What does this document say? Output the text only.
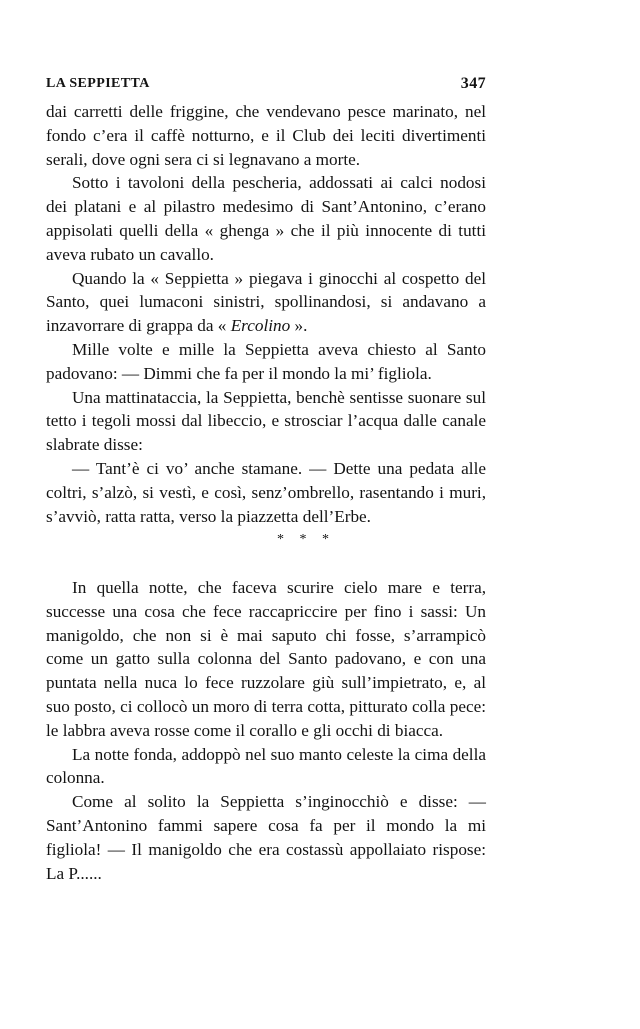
LA SEPPIETTA	347

dai carretti delle friggine, che vendevano pesce marinato, nel fondo c’era il caffè notturno, e il Club dei leciti divertimenti serali, dove ogni sera ci si legnavano a morte.

Sotto i tavoloni della pescheria, addossati ai calci nodosi dei platani e al pilastro medesimo di Sant’Antonino, c’erano appisolati quelli della « ghenga » che il più innocente di tutti aveva rubato un cavallo.

Quando la « Seppietta » piegava i ginocchi al cospetto del Santo, quei lumaconi sinistri, spollinandosi, si andavano a inzavorrare di grappa da « Ercolino ».

Mille volte e mille la Seppietta aveva chiesto al Santo padovano: — Dimmi che fa per il mondo la mi’ figliola.

Una mattinataccia, la Seppietta, benchè sentisse suonare sul tetto i tegoli mossi dal libeccio, e strosciar l’acqua dalle canale slabrate disse:

— Tant’è ci vo’ anche stamane. — Dette una pedata alle coltri, s’alzò, si vestì, e così, senz’ombrello, rasentando i muri, s’avviò, ratta ratta, verso la piazzetta dell’Erbe.

* * *

In quella notte, che faceva scurire cielo mare e terra, successe una cosa che fece raccapriccire per fino i sassi: Un manigoldo, che non si è mai saputo chi fosse, s’arrampicò come un gatto sulla colonna del Santo padovano, e con una puntata nella nuca lo fece ruzzolare giù sull’impietrato, e, al suo posto, ci collocò un moro di terra cotta, pitturato colla pece: le labbra aveva rosse come il corallo e gli occhi di biacca.

La notte fonda, addoppò nel suo manto celeste la cima della colonna.

Come al solito la Seppietta s’inginocchiò e disse: — Sant’Antonino fammi sapere cosa fa per il mondo la mi figliola! — Il manigoldo che era costassù appollaiato rispose: La P......
